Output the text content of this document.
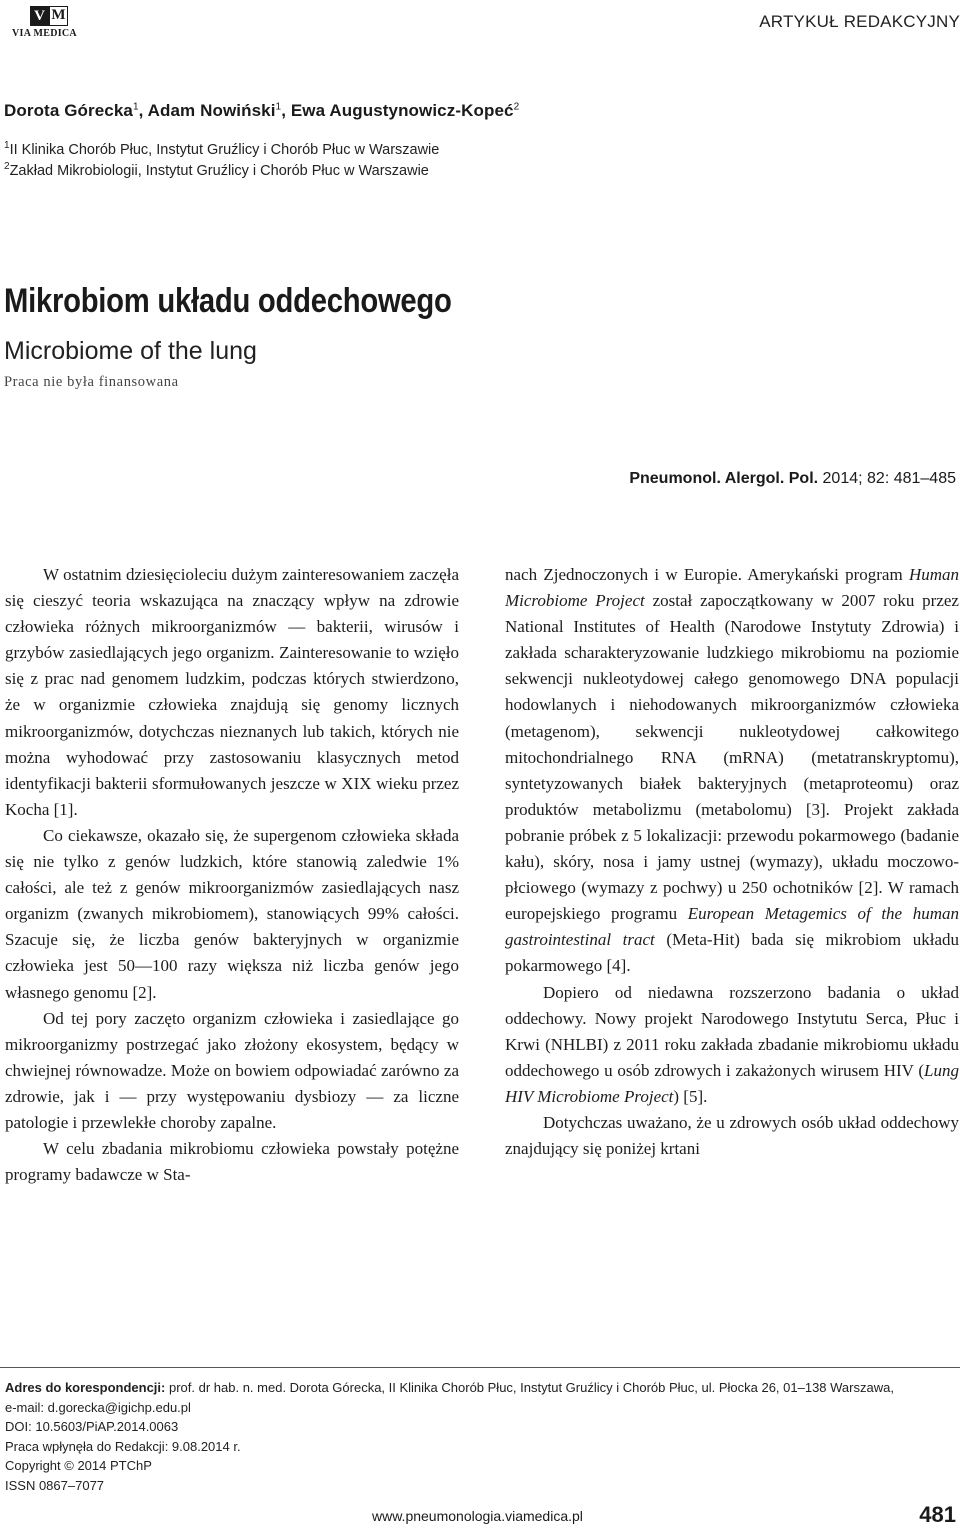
V M
VIA MEDICA
ARTYKUŁ REDAKCYJNY
Dorota Górecka$^1$, Adam Nowiński$^1$, Ewa Augustynowicz-Kopeć$^2$
$^1$II Klinika Chorób Płuc, Instytut Gruźlicy i Chorób Płuc w Warszawie
$^2$Zakład Mikrobiologii, Instytut Gruźlicy i Chorób Płuc w Warszawie
Mikrobiom układu oddechowego
Microbiome of the lung
Praca nie była finansowana
Pneumonol. Alergol. Pol. 2014; 82: 481–485

W ostatnim dziesięcioleciu dużym zainteresowaniem zaczęła się cieszyć teoria wskazująca na znaczący wpływ na zdrowie człowieka różnych mikroorganizmów — bakterii, wirusów i grzybów zasiedlających jego organizm. Zainteresowanie to wzięło się z prac nad genomem ludzkim, podczas których stwierdzono, że w organizmie człowieka znajdują się genomy licznych mikroorganizmów, dotychczas nieznanych lub takich, których nie można wyhodować przy zastosowaniu klasycznych metod identyfikacji bakterii sformułowanych jeszcze w XIX wieku przez Kocha [1].

Co ciekawsze, okazało się, że supergenom człowieka składa się nie tylko z genów ludzkich, które stanowią zaledwie 1% całości, ale też z genów mikroorganizmów zasiedlających nasz organizm (zwanych mikrobiomem), stanowiących 99% całości. Szacuje się, że liczba genów bakteryjnych w organizmie człowieka jest 50—100 razy większa niż liczba genów jego własnego genomu [2].

Od tej pory zaczęto organizm człowieka i zasiedlające go mikroorganizmy postrzegać jako złożony ekosystem, będący w chwiejnej równowadze. Może on bowiem odpowiadać zarówno za zdrowie, jak i — przy występowaniu dysbiozy — za liczne patologie i przewlekłe choroby zapalne.

W celu zbadania mikrobiomu człowieka powstały potężne programy badawcze w Sta-

nach Zjednoczonych i w Europie. Amerykański program Human Microbiome Project został zapoczątkowany w 2007 roku przez National Institutes of Health (Narodowe Instytuty Zdrowia) i zakłada scharakteryzowanie ludzkiego mikrobiomu na poziomie sekwencji nukleotydowej całego genomowego DNA populacji hodowlanych i niehodowanych mikroorganizmów człowieka (metagenom), sekwencji nukleotydowej całkowitego mitochondrialnego RNA (mRNA) (metatranskryptomu), syntetyzowanych białek bakteryjnych (metaproteomu) oraz produktów metabolizmu (metabolomu) [3]. Projekt zakłada pobranie próbek z 5 lokalizacji: przewodu pokarmowego (badanie kału), skóry, nosa i jamy ustnej (wymazy), układu moczowo-płciowego (wymazy z pochwy) u 250 ochotników [2]. W ramach europejskiego programu European Metagemics of the human gastrointestinal tract (Meta-Hit) bada się mikrobiom układu pokarmowego [4].

Dopiero od niedawna rozszerzono badania o układ oddechowy. Nowy projekt Narodowego Instytutu Serca, Płuc i Krwi (NHLBI) z 2011 roku zakłada zbadanie mikrobiomu układu oddechowego u osób zdrowych i zakażonych wirusem HIV (Lung HIV Microbiome Project) [5].

Dotychczas uważano, że u zdrowych osób układ oddechowy znajdujący się poniżej krtani

Adres do korespondencji: prof. dr hab. n. med. Dorota Górecka, II Klinika Chorób Płuc, Instytut Gruźlicy i Chorób Płuc, ul. Płocka 26, 01–138 Warszawa,
e-mail: d.gorecka@igichp.edu.pl
DOI: 10.5603/PiAP.2014.0063
Praca wpłynęła do Redakcji: 9.08.2014 r.
Copyright © 2014 PTChP
ISSN 0867–7077
www.pneumonologia.viamedica.pl	481
